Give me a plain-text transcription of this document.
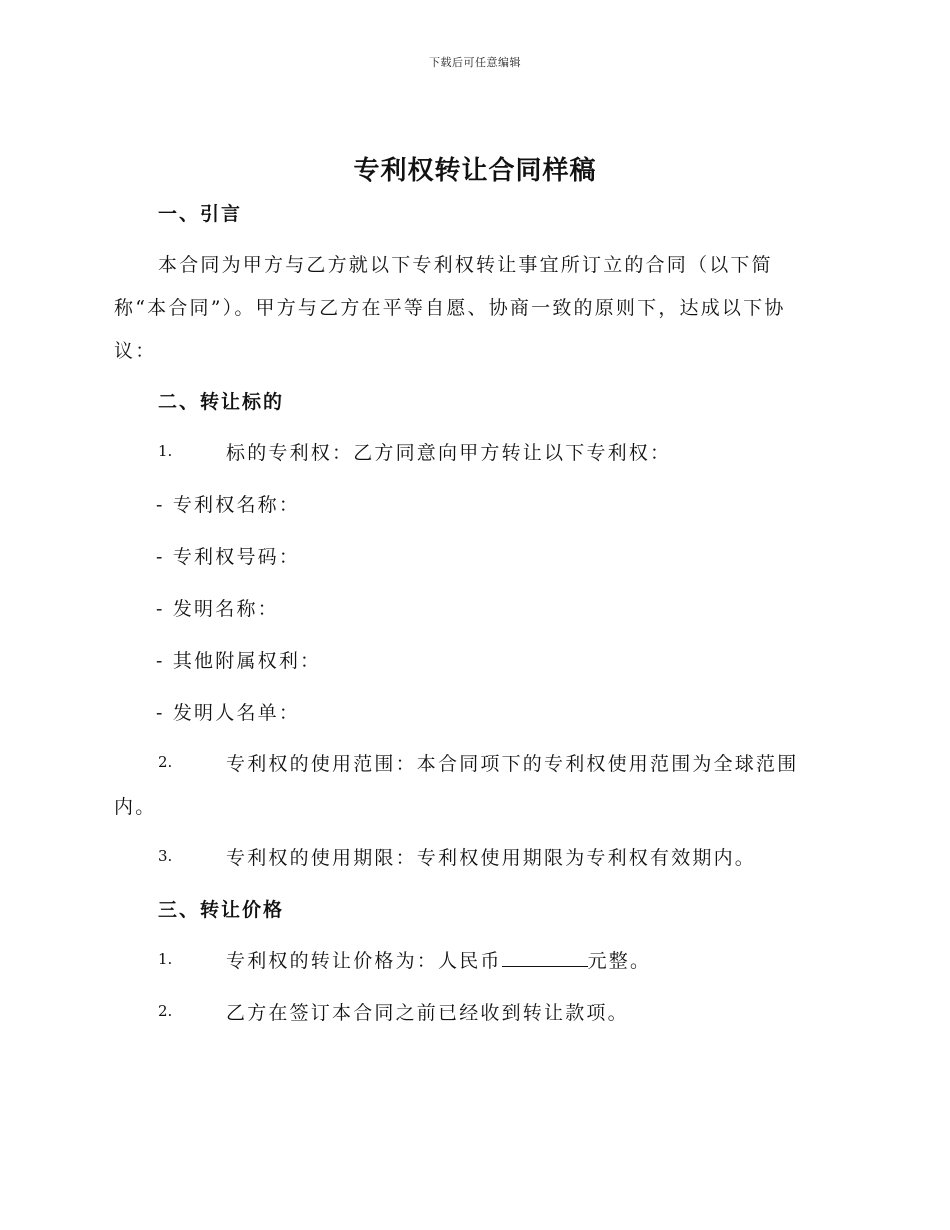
下载后可任意编辑
专利权转让合同样稿
一、引言
本合同为甲方与乙方就以下专利权转让事宜所订立的合同（以下简
称“本合同”）。甲方与乙方在平等自愿、协商一致的原则下，达成以下协
议：
二、转让标的
1.	标的专利权：乙方同意向甲方转让以下专利权：
- 专利权名称：
- 专利权号码：
- 发明名称：
- 其他附属权利：
- 发明人名单：
2.	专利权的使用范围：本合同项下的专利权使用范围为全球范围
内。
3.	专利权的使用期限：专利权使用期限为专利权有效期内。
三、转让价格
1.	专利权的转让价格为：人民币	元整。
2.	乙方在签订本合同之前已经收到转让款项。
